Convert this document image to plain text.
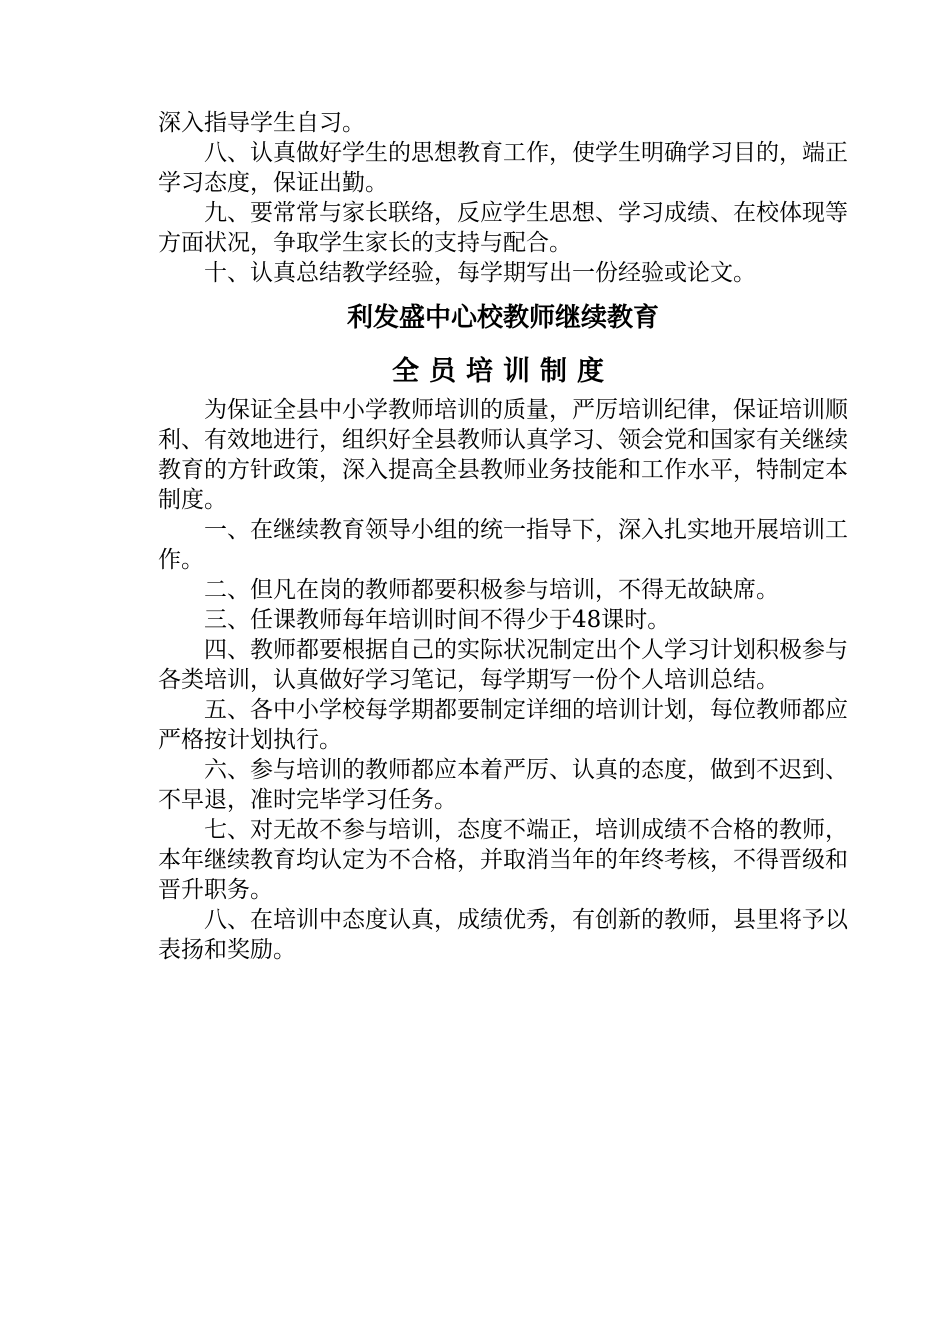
深入指导学生自习。

八、认真做好学生的思想教育工作，使学生明确学习目的，端正学习态度，保证出勤。

九、要常常与家长联络，反应学生思想、学习成绩、在校体现等方面状况，争取学生家长的支持与配合。

十、认真总结教学经验，每学期写出一份经验或论文。

利发盛中心校教师继续教育
全员培训制度

为保证全县中小学教师培训的质量，严厉培训纪律，保证培训顺利、有效地进行，组织好全县教师认真学习、领会党和国家有关继续教育的方针政策，深入提高全县教师业务技能和工作水平，特制定本制度。

一、在继续教育领导小组的统一指导下，深入扎实地开展培训工作。

二、但凡在岗的教师都要积极参与培训，不得无故缺席。

三、任课教师每年培训时间不得少于48课时。

四、教师都要根据自己的实际状况制定出个人学习计划积极参与各类培训，认真做好学习笔记，每学期写一份个人培训总结。

五、各中小学校每学期都要制定详细的培训计划，每位教师都应严格按计划执行。

六、参与培训的教师都应本着严厉、认真的态度，做到不迟到、不早退，准时完毕学习任务。

七、对无故不参与培训，态度不端正，培训成绩不合格的教师，本年继续教育均认定为不合格，并取消当年的年终考核，不得晋级和晋升职务。

八、在培训中态度认真，成绩优秀，有创新的教师，县里将予以表扬和奖励。
